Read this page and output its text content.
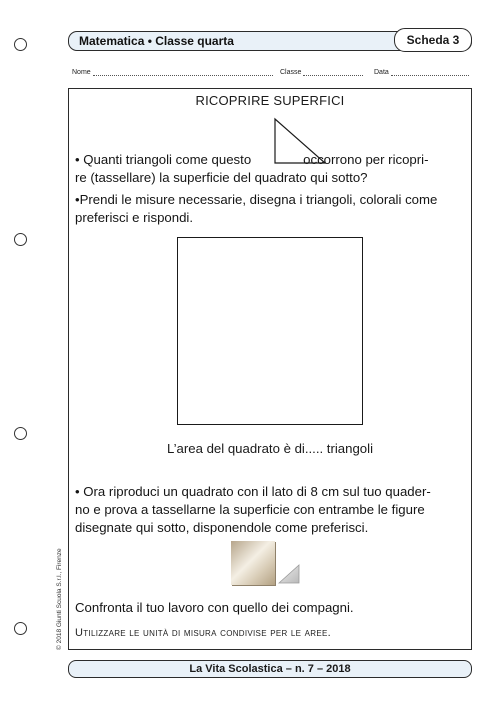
Matematica • Classe quarta	Scheda 3
Nome	Classe	Data
RICOPRIRE SUPERFICI
• Quanti triangoli come questo	occorrono per ricopri-
re (tassellare) la superficie del quadrato qui sotto?
•Prendi le misure necessarie, disegna i triangoli, colorali come
preferisci e rispondi.
L’area del quadrato è di..... triangoli
• Ora riproduci un quadrato con il lato di 8 cm sul tuo quader-
no e prova a tassellarne la superficie con entrambe le figure
disegnate qui sotto, disponendole come preferisci.
Confronta il tuo lavoro con quello dei compagni.
Utilizzare le unità di misura condivise per le aree.
© 2018 Giunti Scuola S.r.l., Firenze
La Vita Scolastica – n. 7 – 2018
